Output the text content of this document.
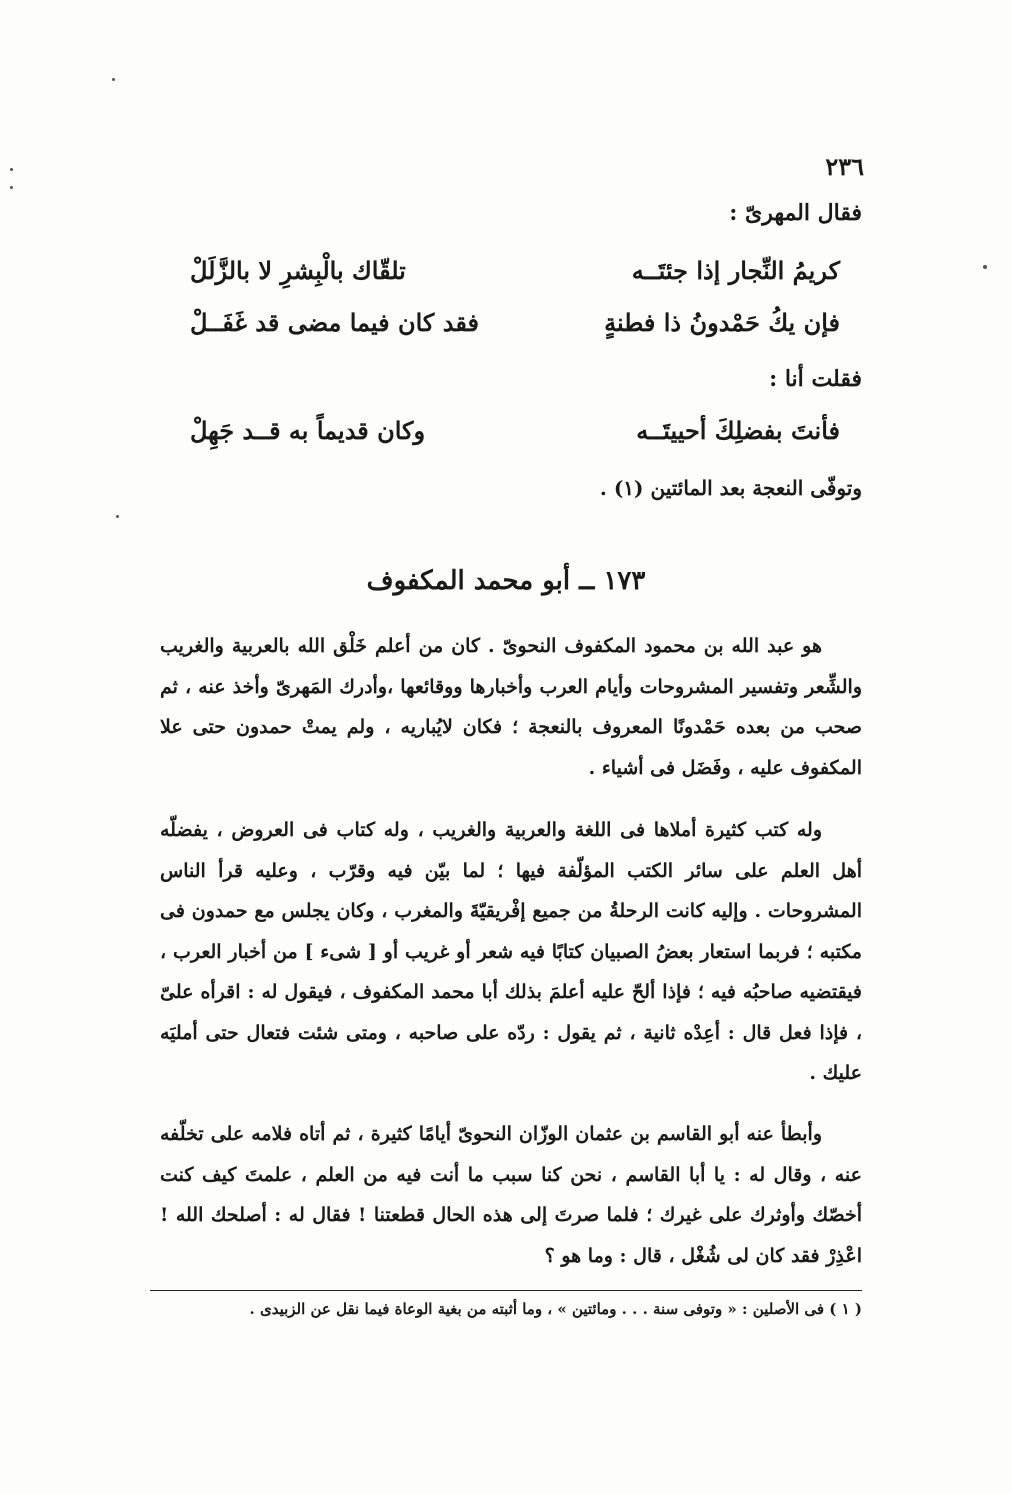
٢٣٦
فقال المهرىّ :
كريمُ النِّجار إذا جئتَــه
تلقّاك بالْبِشرِ لا بالزَّلَلْ
فإن يكُ حَمْدونُ ذا فطنةٍ
فقد كان فيما مضى قد غَفَــلْ
فقلت أنا :
فأنتَ بفضلِكَ أحييتَــه
وكان قديماً به قــد جَهِلْ
وتوفّى النعجة بعد المائتين (١) .
١٧٣ ــ أبو محمد المكفوف
هو عبد الله بن محمود المكفوف النحوىّ . كان من أعلم خَلْق الله بالعربية والغريب والشِّعر وتفسير المشروحات وأيام العرب وأخبارها ووقائعها ،وأدرك المَهرىّ وأخذ عنه ، ثم صحب من بعده حَمْدونًا المعروف بالنعجة ؛ فكان لايُباريه ، ولم يمتْ حمدون حتى علا المكفوف عليه ، وفَضَل فى أشياء .
وله كتب كثيرة أملاها فى اللغة والعربية والغريب ، وله كتاب فى العروض ، يفضلّه أهل العلم على سائر الكتب المؤلّفة فيها ؛ لما بيّن فيه وقرّب ، وعليه قرأ الناس المشروحات . وإليه كانت الرحلةُ من جميع إفْريقيّةَ والمغرب ، وكان يجلس مع حمدون فى مكتبه ؛ فربما استعار بعضُ الصبيان كتابًا فيه شعر أو غريب أو [ شىء ] من أخبار العرب ، فيقتضيه صاحبُه فيه ؛ فإذا ألحّ عليه أعلمَ بذلك أبا محمد المكفوف ، فيقول له : اقرأه علىّ ، فإذا فعل قال : أعِدْه ثانية ، ثم يقول : ردّه على صاحبه ، ومتى شئت فتعال حتى أمليَه عليك .
وأبطأ عنه أبو القاسم بن عثمان الوزّان النحوىّ أيامًا كثيرة ، ثم أتاه فلامه على تخلّفه عنه ، وقال له : يا أبا القاسم ، نحن كنا سبب ما أنت فيه من العلم ، علمتَ كيف كنت أخصّك وأوثرك على غيرك ؛ فلما صرتَ إلى هذه الحال قطعتنا ! فقال له : أصلحك الله ! اعْذِرْ فقد كان لى شُغْل ، قال : وما هو ؟
( ١ ) فى الأصلين : « وتوفى سنة . . . ومائتين » ، وما أثبته من بغية الوعاة فيما نقل عن الزبيدى .
